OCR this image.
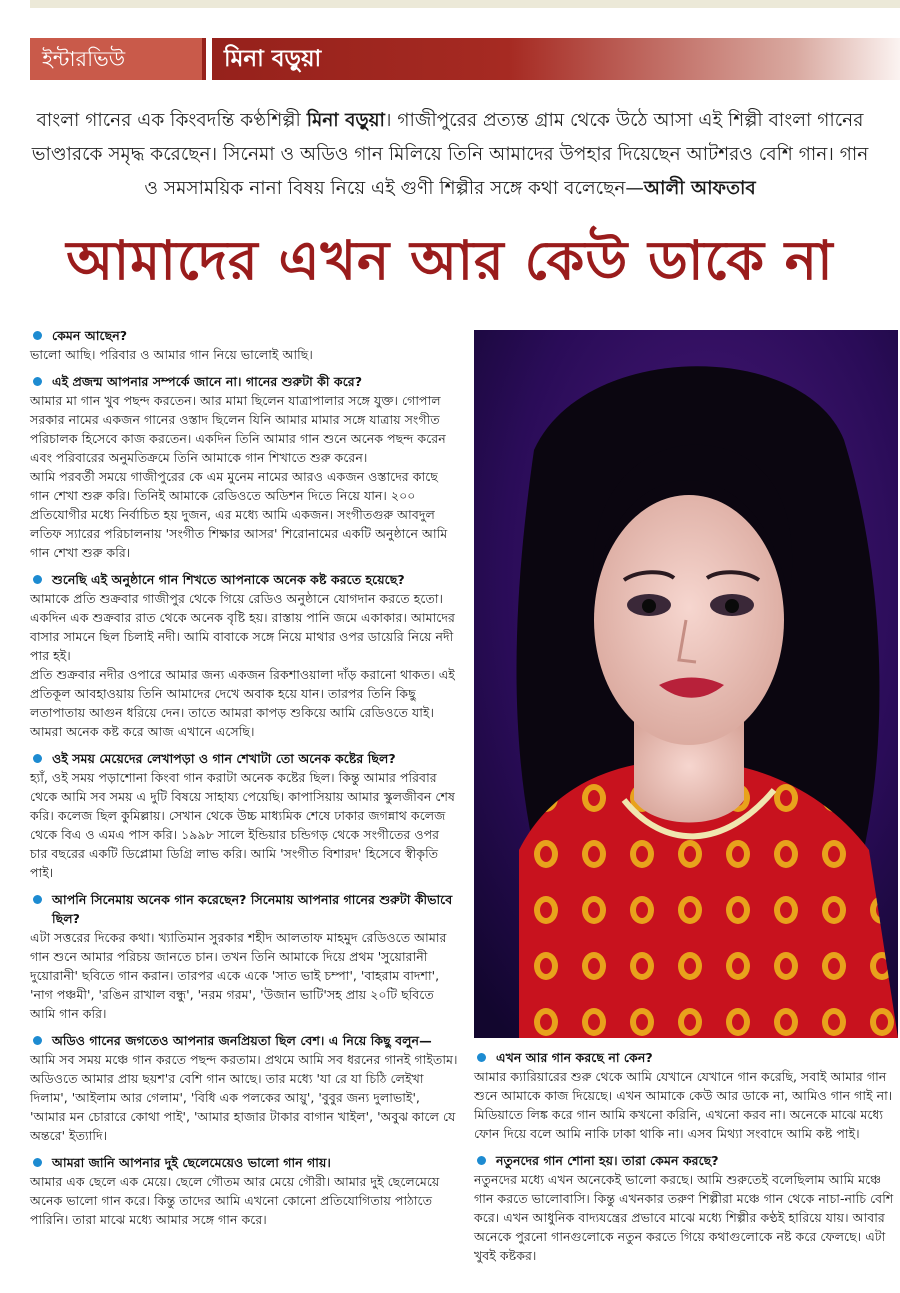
ইন্টারভিউ	মিনা বড়ুয়া
বাংলা গানের এক কিংবদন্তি কণ্ঠশিল্পী মিনা বড়ুয়া। গাজীপুরের প্রত্যন্ত গ্রাম থেকে উঠে আসা এই শিল্পী বাংলা গানের ভাণ্ডারকে সমৃদ্ধ করেছেন। সিনেমা ও অডিও গান মিলিয়ে তিনি আমাদের উপহার দিয়েছেন আটশরও বেশি গান। গান ও সমসাময়িক নানা বিষয় নিয়ে এই গুণী শিল্পীর সঙ্গে কথা বলেছেন—আলী আফতাব
আমাদের এখন আর কেউ ডাকে না
কেমন আছেন?

ভালো আছি। পরিবার ও আমার গান নিয়ে ভালোই আছি।

এই প্রজন্ম আপনার সম্পর্কে জানে না। গানের শুরুটা কী করে?

আমার মা গান খুব পছন্দ করতেন। আর মামা ছিলেন যাত্রাপালার সঙ্গে যুক্ত। গোপাল সরকার নামের একজন গানের ওস্তাদ ছিলেন যিনি আমার মামার সঙ্গে যাত্রায় সংগীত পরিচালক হিসেবে কাজ করতেন। একদিন তিনি আমার গান শুনে অনেক পছন্দ করেন এবং পরিবারের অনুমতিক্রমে তিনি আমাকে গান শিখাতে শুরু করেন।

আমি পরবর্তী সময়ে গাজীপুরের কে এম মুনেম নামের আরও একজন ওস্তাদের কাছে গান শেখা শুরু করি। তিনিই আমাকে রেডিওতে অডিশন দিতে নিয়ে যান। ২০০ প্রতিযোগীর মধ্যে নির্বাচিত হয় দুজন, এর মধ্যে আমি একজন। সংগীতগুরু আবদুল লতিফ স্যারের পরিচালনায় 'সংগীত শিক্ষার আসর' শিরোনামের একটি অনুষ্ঠানে আমি গান শেখা শুরু করি।

শুনেছি এই অনুষ্ঠানে গান শিখতে আপনাকে অনেক কষ্ট করতে হয়েছে?

আমাকে প্রতি শুক্রবার গাজীপুর থেকে গিয়ে রেডিও অনুষ্ঠানে যোগদান করতে হতো। একদিন এক শুক্রবার রাত থেকে অনেক বৃষ্টি হয়। রাস্তায় পানি জমে একাকার। আমাদের বাসার সামনে ছিল চিলাই নদী। আমি বাবাকে সঙ্গে নিয়ে মাথার ওপর ডায়েরি নিয়ে নদী পার হই।

প্রতি শুক্রবার নদীর ওপারে আমার জন্য একজন রিকশাওয়ালা দাঁড় করানো থাকত। এই প্রতিকূল আবহাওয়ায় তিনি আমাদের দেখে অবাক হয়ে যান। তারপর তিনি কিছু লতাপাতায় আগুন ধরিয়ে দেন। তাতে আমরা কাপড় শুকিয়ে আমি রেডিওতে যাই। আমরা অনেক কষ্ট করে আজ এখানে এসেছি।

ওই সময় মেয়েদের লেখাপড়া ও গান শেখাটা তো অনেক কষ্টের ছিল?

হ্যাঁ, ওই সময় পড়াশোনা কিংবা গান করাটা অনেক কষ্টের ছিল। কিন্তু আমার পরিবার থেকে আমি সব সময় এ দুটি বিষয়ে সাহায্য পেয়েছি। কাপাসিয়ায় আমার স্কুলজীবন শেষ করি। কলেজ ছিল কুমিল্লায়। সেখান থেকে উচ্চ মাধ্যমিক শেষে ঢাকার জগন্নাথ কলেজ থেকে বিএ ও এমএ পাস করি। ১৯৯৮ সালে ইন্ডিয়ার চন্ডিগড় থেকে সংগীতের ওপর চার বছরের একটি ডিপ্লোমা ডিগ্রি লাভ করি। আমি 'সংগীত বিশারদ' হিসেবে স্বীকৃতি পাই।

আপনি সিনেমায় অনেক গান করেছেন? সিনেমায় আপনার গানের শুরুটা কীভাবে ছিল?

এটা সত্তরের দিকের কথা। খ্যাতিমান সুরকার শহীদ আলতাফ মাহমুদ রেডিওতে আমার গান শুনে আমার পরিচয় জানতে চান। তখন তিনি আমাকে দিয়ে প্রথম 'সুয়োরানী দুয়োরানী' ছবিতে গান করান। তারপর একে একে 'সাত ভাই চম্পা', 'বাহরাম বাদশা', 'নাগ পঞ্চমী', 'রঙিন রাখাল বন্ধু', 'নরম গরম', 'উজান ভাটি'সহ প্রায় ২০টি ছবিতে আমি গান করি।

অডিও গানের জগতেও আপনার জনপ্রিয়তা ছিল বেশ। এ নিয়ে কিছু বলুন—

আমি সব সময় মঞ্চে গান করতে পছন্দ করতাম। প্রথমে আমি সব ধরনের গানই গাইতাম। অডিওতে আমার প্রায় ছয়শ'র বেশি গান আছে। তার মধ্যে 'যা রে যা চিঠি লেইখা দিলাম', 'আইলাম আর গেলাম', 'বিধি এক পলকের আয়ু', 'বুবুর জন্য দুলাভাই', 'আমার মন চোরারে কোথা পাই', 'আমার হাজার টাকার বাগান খাইল', 'অবুঝ কালে যে অন্তরে' ইত্যাদি।

আমরা জানি আপনার দুই ছেলেমেয়েও ভালো গান গায়।

আমার এক ছেলে এক মেয়ে। ছেলে গৌতম আর মেয়ে গৌরী। আমার দুই ছেলেমেয়ে অনেক ভালো গান করে। কিন্তু তাদের আমি এখনো কোনো প্রতিযোগিতায় পাঠাতে পারিনি। তারা মাঝে মধ্যে আমার সঙ্গে গান করে।

এখন আর গান করছে না কেন?

আমার ক্যারিয়ারের শুরু থেকে আমি যেখানে যেখানে গান করেছি, সবাই আমার গান শুনে আমাকে কাজ দিয়েছে। এখন আমাকে কেউ আর ডাকে না, আমিও গান গাই না। মিডিয়াতে লিঙ্ক করে গান আমি কখনো করিনি, এখনো করব না। অনেকে মাঝে মধ্যে ফোন দিয়ে বলে আমি নাকি ঢাকা থাকি না। এসব মিথ্যা সংবাদে আমি কষ্ট পাই।

নতুনদের গান শোনা হয়। তারা কেমন করছে?

নতুনদের মধ্যে এখন অনেকেই ভালো করছে। আমি শুরুতেই বলেছিলাম আমি মঞ্চে গান করতে ভালোবাসি। কিন্তু এখনকার তরুণ শিল্পীরা মঞ্চে গান থেকে নাচা-নাচি বেশি করে। এখন আধুনিক বাদ্যযন্ত্রের প্রভাবে মাঝে মধ্যে শিল্পীর কণ্ঠই হারিয়ে যায়। আবার অনেকে পুরনো গানগুলোকে নতুন করতে গিয়ে কথাগুলোকে নষ্ট করে ফেলছে। এটা খুবই কষ্টকর।
